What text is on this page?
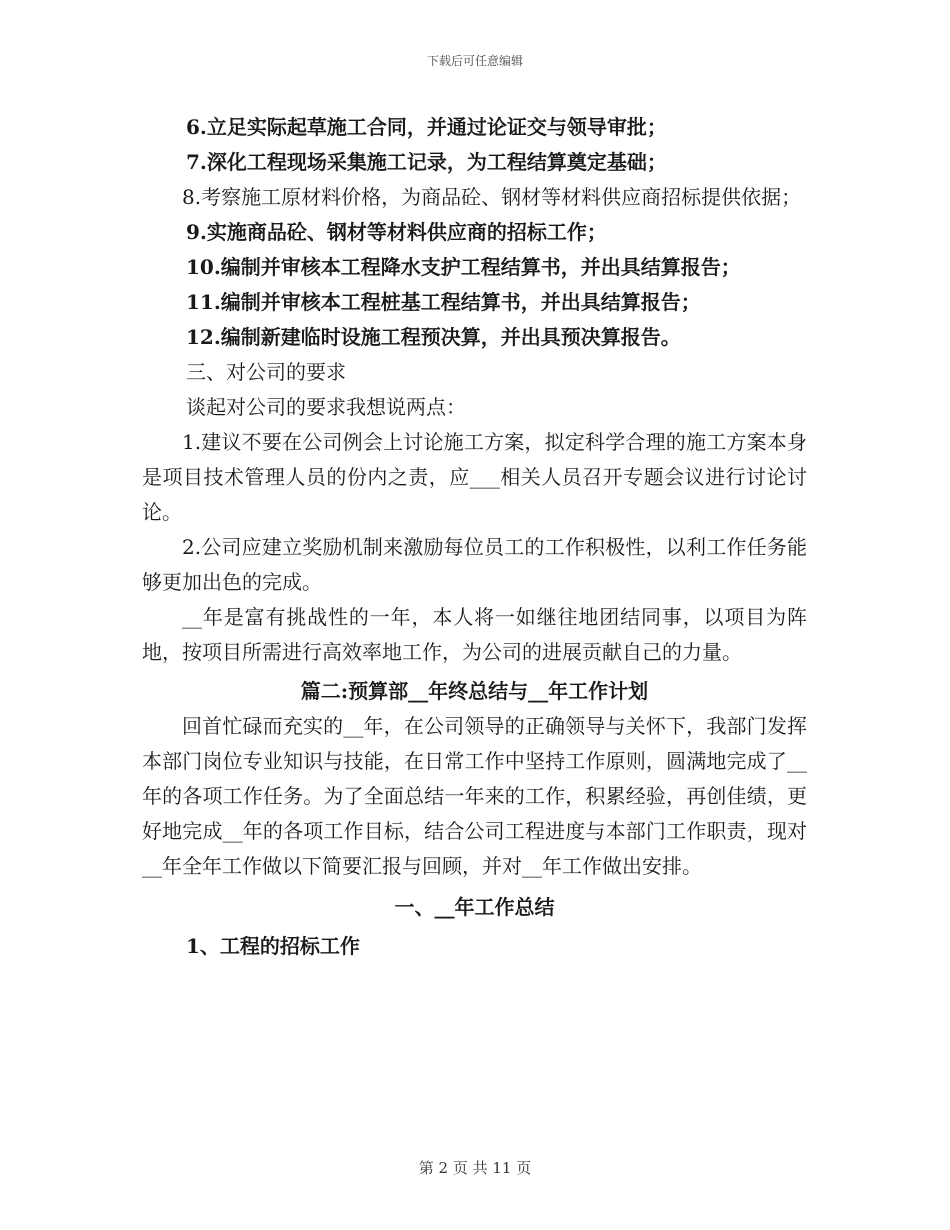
下载后可任意编辑
6.立足实际起草施工合同，并通过论证交与领导审批；
7.深化工程现场采集施工记录，为工程结算奠定基础；

8.考察施工原材料价格，为商品砼、钢材等材料供应商招标提供依据；

9.实施商品砼、钢材等材料供应商的招标工作；
10.编制并审核本工程降水支护工程结算书，并出具结算报告；
11.编制并审核本工程桩基工程结算书，并出具结算报告；
12.编制新建临时设施工程预决算，并出具预决算报告。
三、对公司的要求
谈起对公司的要求我想说两点：

1.建议不要在公司例会上讨论施工方案，拟定科学合理的施工方案本身是项目技术管理人员的份内之责，应___相关人员召开专题会议进行讨论讨论。

2.公司应建立奖励机制来激励每位员工的工作积极性，以利工作任务能够更加出色的完成。

__年是富有挑战性的一年，本人将一如继往地团结同事，以项目为阵地，按项目所需进行高效率地工作，为公司的进展贡献自己的力量。

篇二:预算部__年终总结与__年工作计划

回首忙碌而充实的__年，在公司领导的正确领导与关怀下，我部门发挥本部门岗位专业知识与技能，在日常工作中坚持工作原则，圆满地完成了__年的各项工作任务。为了全面总结一年来的工作，积累经验，再创佳绩，更好地完成__年的各项工作目标，结合公司工程进度与本部门工作职责，现对__年全年工作做以下简要汇报与回顾，并对__年工作做出安排。

一、__年工作总结
1、工程的招标工作
第 2 页 共 11 页
